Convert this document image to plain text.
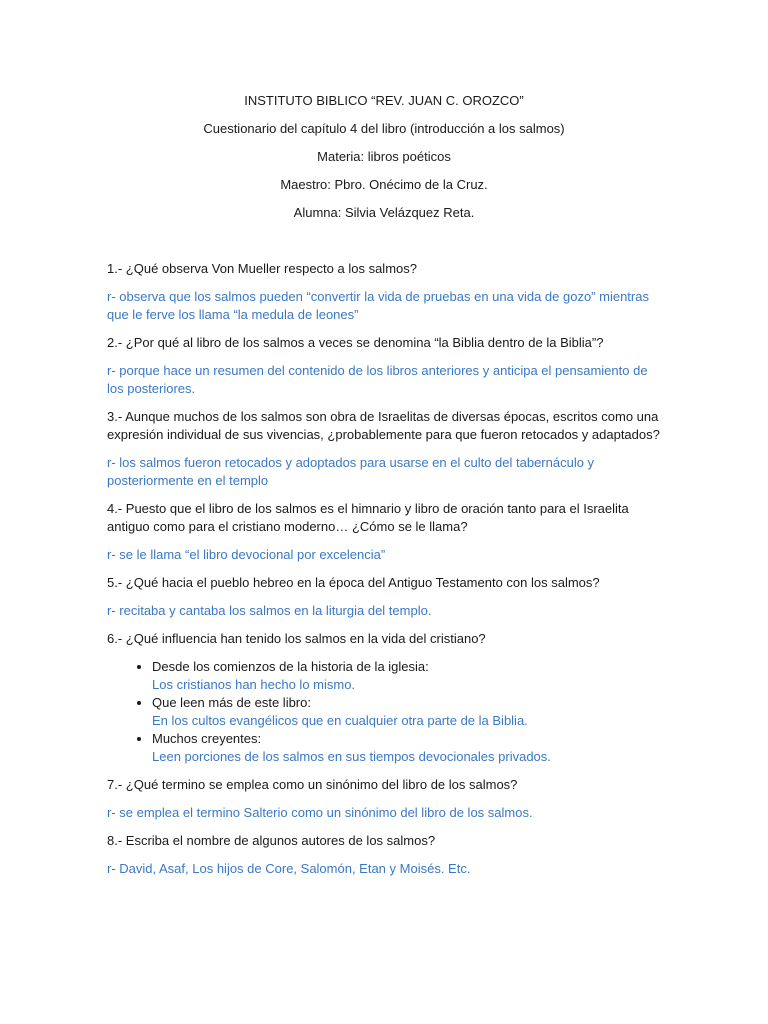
INSTITUTO BIBLICO “REV. JUAN C. OROZCO”

Cuestionario del capítulo 4 del libro (introducción a los salmos)

Materia: libros poéticos

Maestro: Pbro. Onécimo de la Cruz.

Alumna: Silvia Velázquez Reta.

1.- ¿Qué observa Von Mueller respecto a los salmos?

r- observa que los salmos pueden “convertir la vida de pruebas en una vida de gozo” mientras que le ferve los llama “la medula de leones”

2.- ¿Por qué al libro de los salmos a veces se denomina “la Biblia dentro de la Biblia”?

r- porque hace un resumen del contenido de los libros anteriores y anticipa el pensamiento de los posteriores.

3.- Aunque muchos de los salmos son obra de Israelitas de diversas épocas, escritos como una expresión individual de sus vivencias, ¿probablemente para que fueron retocados y adaptados?

r- los salmos fueron retocados y adoptados para usarse en el culto del tabernáculo y posteriormente en el templo

4.- Puesto que el libro de los salmos es el himnario y libro de oración tanto para el Israelita antiguo como para el cristiano moderno… ¿Cómo se le llama?

r- se le llama “el libro devocional por excelencia”

5.- ¿Qué hacia el pueblo hebreo en la época del Antiguo Testamento con los salmos?

r- recitaba y cantaba los salmos en la liturgia del templo.

6.- ¿Qué influencia han tenido los salmos en la vida del cristiano?

• Desde los comienzos de la historia de la iglesia:
Los cristianos han hecho lo mismo.
• Que leen más de este libro:
En los cultos evangélicos que en cualquier otra parte de la Biblia.
• Muchos creyentes:
Leen porciones de los salmos en sus tiempos devocionales privados.

7.- ¿Qué termino se emplea como un sinónimo del libro de los salmos?

r- se emplea el termino Salterio como un sinónimo del libro de los salmos.

8.- Escriba el nombre de algunos autores de los salmos?

r- David, Asaf, Los hijos de Core, Salomón, Etan y Moisés. Etc.
